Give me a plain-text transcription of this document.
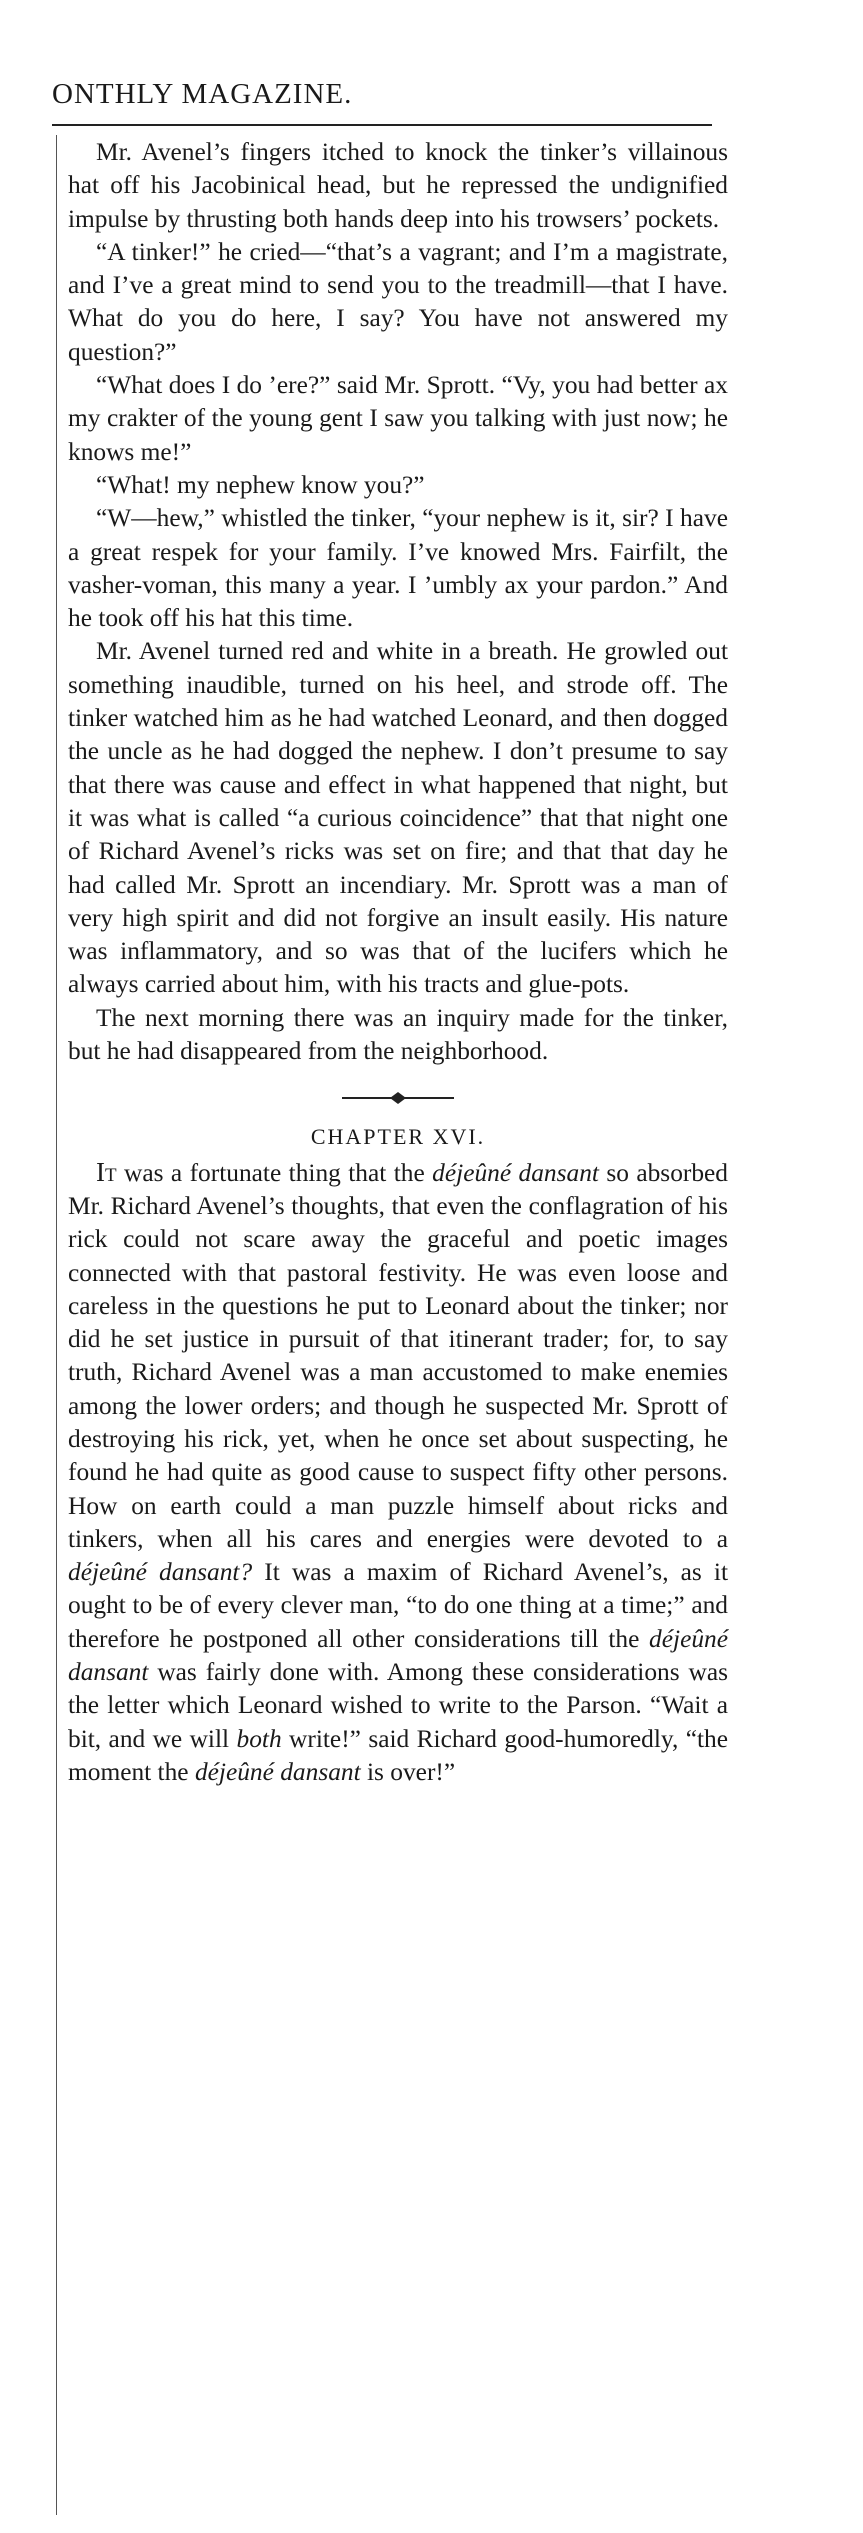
ONTHLY MAGAZINE.

Mr. Avenel’s fingers itched to knock the tinker’s villainous hat off his Jacobinical head, but he repressed the undignified impulse by thrusting both hands deep into his trowsers’ pockets.

“A tinker!” he cried—“that’s a vagrant; and I’m a magistrate, and I’ve a great mind to send you to the treadmill—that I have. What do you do here, I say? You have not answered my question?”

“What does I do ’ere?” said Mr. Sprott. “Vy, you had better ax my crakter of the young gent I saw you talking with just now; he knows me!”

“What! my nephew know you?”

“W—hew,” whistled the tinker, “your nephew is it, sir? I have a great respek for your family. I’ve knowed Mrs. Fairfilt, the vasher-voman, this many a year. I ’umbly ax your pardon.” And he took off his hat this time.

Mr. Avenel turned red and white in a breath. He growled out something inaudible, turned on his heel, and strode off. The tinker watched him as he had watched Leonard, and then dogged the uncle as he had dogged the nephew. I don’t presume to say that there was cause and effect in what happened that night, but it was what is called “a curious coincidence” that that night one of Richard Avenel’s ricks was set on fire; and that that day he had called Mr. Sprott an incendiary. Mr. Sprott was a man of very high spirit and did not forgive an insult easily. His nature was inflammatory, and so was that of the lucifers which he always carried about him, with his tracts and glue-pots.

The next morning there was an inquiry made for the tinker, but he had disappeared from the neighborhood.

CHAPTER XVI.

It was a fortunate thing that the déjeûné dansant so absorbed Mr. Richard Avenel’s thoughts, that even the conflagration of his rick could not scare away the graceful and poetic images connected with that pastoral festivity. He was even loose and careless in the questions he put to Leonard about the tinker; nor did he set justice in pursuit of that itinerant trader; for, to say truth, Richard Avenel was a man accustomed to make enemies among the lower orders; and though he suspected Mr. Sprott of destroying his rick, yet, when he once set about suspecting, he found he had quite as good cause to suspect fifty other persons. How on earth could a man puzzle himself about ricks and tinkers, when all his cares and energies were devoted to a déjeûné dansant? It was a maxim of Richard Avenel’s, as it ought to be of every clever man, “to do one thing at a time;” and therefore he postponed all other considerations till the déjeûné dansant was fairly done with. Among these considerations was the letter which Leonard wished to write to the Parson. “Wait a bit, and we will both write!” said Richard good-humoredly, “the moment the déjeûné dansant is over!”
